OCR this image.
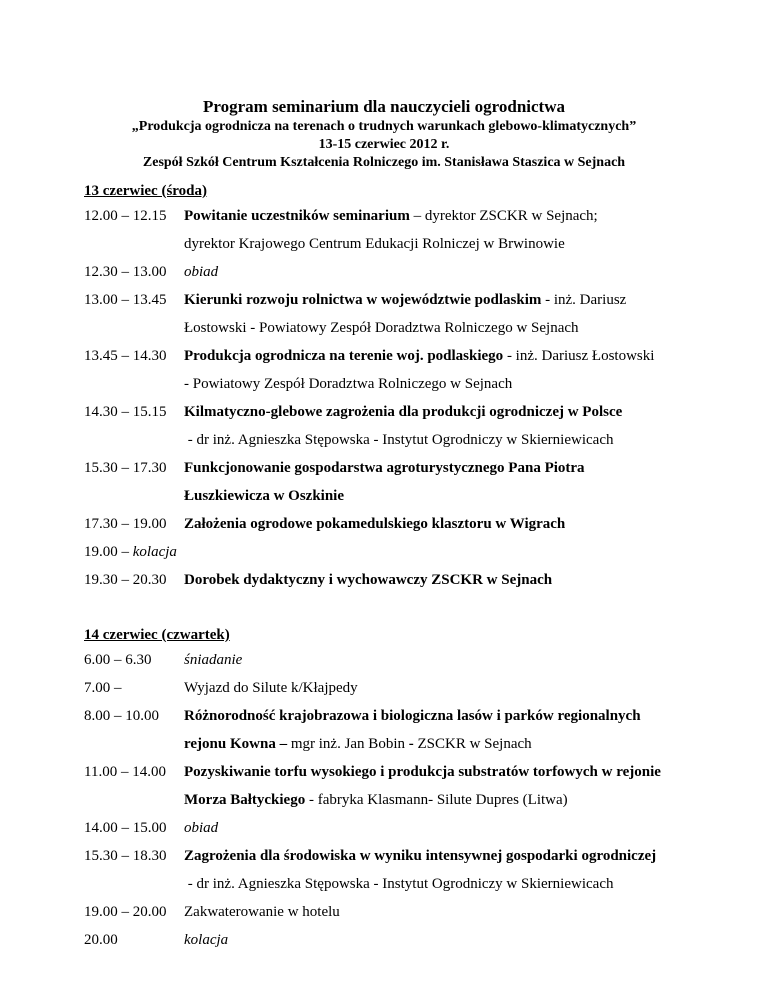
Program seminarium dla nauczycieli ogrodnictwa
„Produkcja ogrodnicza na terenach o trudnych warunkach glebowo-klimatycznych”
13-15 czerwiec 2012 r.
Zespół Szkół Centrum Kształcenia Rolniczego im. Stanisława Staszica w Sejnach
13 czerwiec (środa)
12.00 – 12.15 Powitanie uczestników seminarium – dyrektor ZSCKR w Sejnach;
dyrektor Krajowego Centrum Edukacji Rolniczej w Brwinowie
12.30 – 13.00 obiad
13.00 – 13.45 Kierunki rozwoju rolnictwa w województwie podlaskim - inż. Dariusz
Łostowski - Powiatowy Zespół Doradztwa Rolniczego w Sejnach
13.45 – 14.30 Produkcja ogrodnicza na terenie woj. podlaskiego - inż. Dariusz Łostowski
- Powiatowy Zespół Doradztwa Rolniczego w Sejnach
14.30 – 15.15 Kilmatyczno-glebowe zagrożenia dla produkcji ogrodniczej w Polsce
- dr inż. Agnieszka Stępowska - Instytut Ogrodniczy w Skierniewicach
15.30 – 17.30 Funkcjonowanie gospodarstwa agroturystycznego Pana Piotra
Łuszkiewicza w Oszkinie
17.30 – 19.00 Założenia ogrodowe pokamedulskiego klasztoru w Wigrach
19.00 – kolacja
19.30 – 20.30 Dorobek dydaktyczny i wychowawczy ZSCKR w Sejnach
14 czerwiec (czwartek)
6.00 – 6.30 śniadanie
7.00 –	Wyjazd do Silute k/Kłajpedy
8.00 – 10.00 Różnorodność krajobrazowa i biologiczna lasów i parków regionalnych
rejonu Kowna – mgr inż. Jan Bobin - ZSCKR w Sejnach
11.00 – 14.00 Pozyskiwanie torfu wysokiego i produkcja substratów torfowych w rejonie
Morza Bałtyckiego - fabryka Klasmann- Silute Dupres (Litwa)
14.00 – 15.00 obiad
15.30 – 18.30 Zagrożenia dla środowiska w wyniku intensywnej gospodarki ogrodniczej
- dr inż. Agnieszka Stępowska - Instytut Ogrodniczy w Skierniewicach
19.00 – 20.00 Zakwaterowanie w hotelu
20.00	kolacja
